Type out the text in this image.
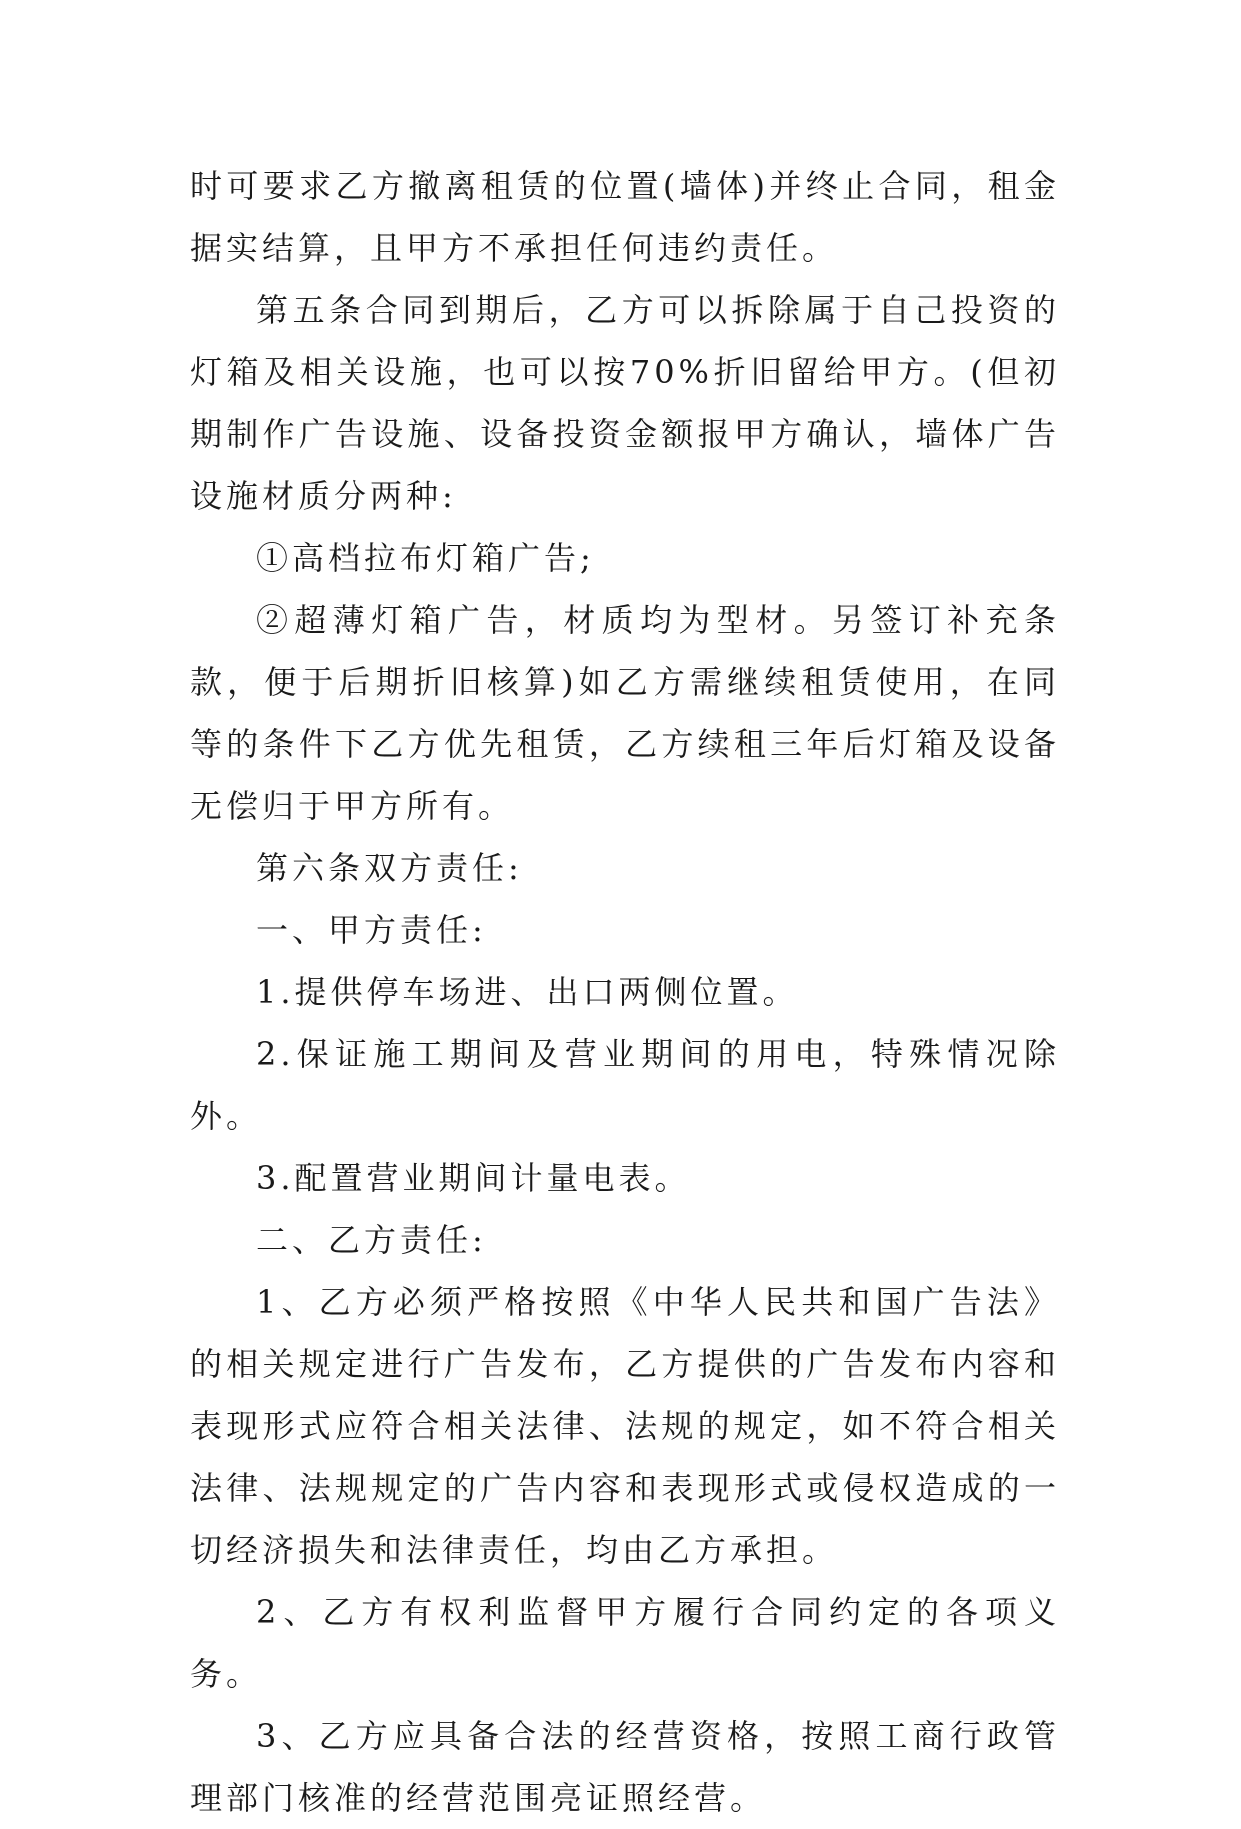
时可要求乙方撤离租赁的位置(墙体)并终止合同，租金据实结算，且甲方不承担任何违约责任。

第五条合同到期后，乙方可以拆除属于自己投资的灯箱及相关设施，也可以按70%折旧留给甲方。(但初期制作广告设施、设备投资金额报甲方确认，墙体广告设施材质分两种:

①高档拉布灯箱广告;

②超薄灯箱广告，材质均为型材。另签订补充条款，便于后期折旧核算)如乙方需继续租赁使用，在同等的条件下乙方优先租赁，乙方续租三年后灯箱及设备无偿归于甲方所有。

第六条双方责任:

一、甲方责任:

1.提供停车场进、出口两侧位置。

2.保证施工期间及营业期间的用电，特殊情况除外。

3.配置营业期间计量电表。

二、乙方责任:

1、乙方必须严格按照《中华人民共和国广告法》的相关规定进行广告发布，乙方提供的广告发布内容和表现形式应符合相关法律、法规的规定，如不符合相关法律、法规规定的广告内容和表现形式或侵权造成的一切经济损失和法律责任，均由乙方承担。

2、乙方有权利监督甲方履行合同约定的各项义务。

3、乙方应具备合法的经营资格，按照工商行政管理部门核准的经营范围亮证照经营。
